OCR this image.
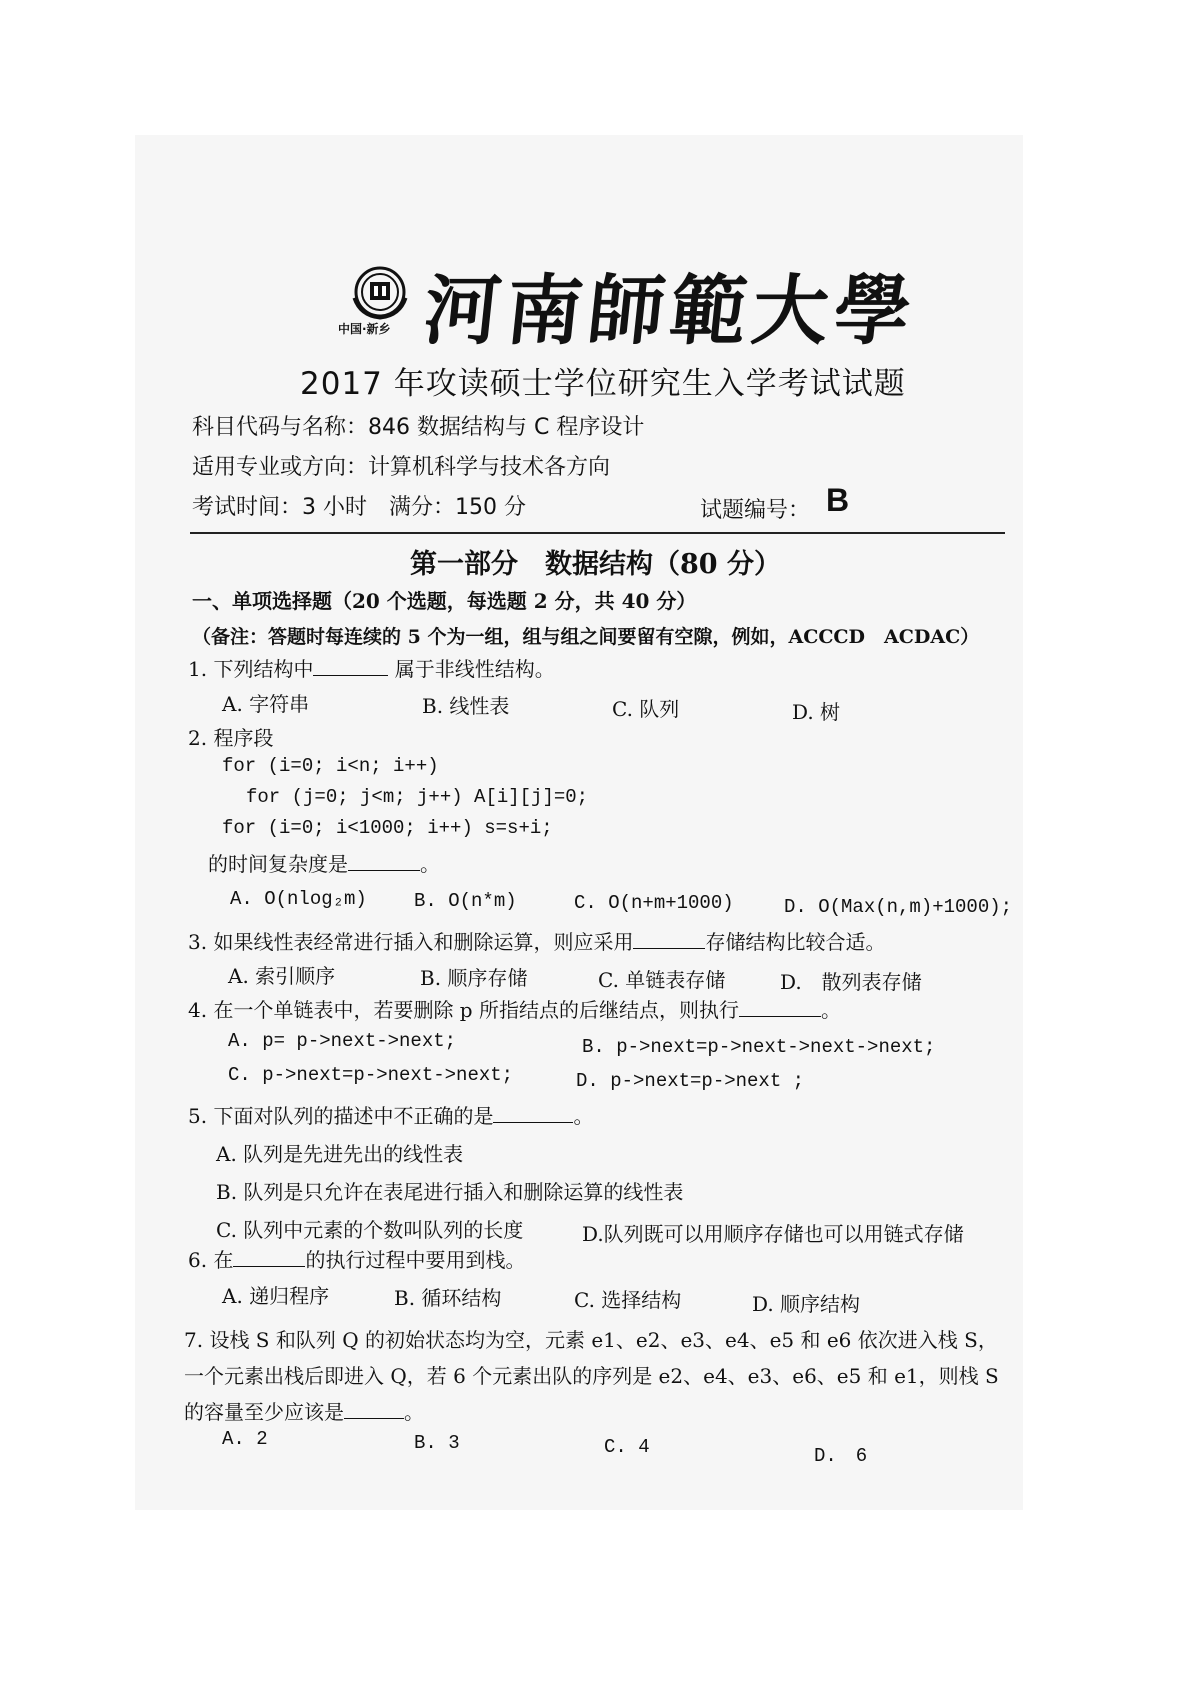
中国·新乡 河南師範大學
2017 年攻读硕士学位研究生入学考试试题
科目代码与名称：846 数据结构与 C 程序设计
适用专业或方向：计算机科学与技术各方向
考试时间：3 小时　满分：150 分	试题编号： B
第一部分　数据结构（80 分）
一、单项选择题（20 个选题，每选题 2 分，共 40 分）
（备注：答题时每连续的 5 个为一组，组与组之间要留有空隙，例如，ACCCD　ACDAC）
1. 下列结构中	属于非线性结构。
A. 字符串	B. 线性表	C. 队列	D. 树
2. 程序段
for (i=0; i<n; i++)
for (j=0; j<m; j++) A[i][j]=0;
for (i=0; i<1000; i++) s=s+i;
的时间复杂度是	。
A. O(nlog₂m) B. O(n*m)	C. O(n+m+1000)	D. O(Max(n,m)+1000);
3. 如果线性表经常进行插入和删除运算，则应采用	存储结构比较合适。
A. 索引顺序	B. 顺序存储	C. 单链表存储	D.　散列表存储
4. 在一个单链表中，若要删除 p 所指结点的后继结点，则执行	。
A. p= p->next->next;	B. p->next=p->next->next->next;
C. p->next=p->next->next;	D. p->next=p->next ;
5. 下面对队列的描述中不正确的是	。
A. 队列是先进先出的线性表
B. 队列是只允许在表尾进行插入和删除运算的线性表
C. 队列中元素的个数叫队列的长度	D.队列既可以用顺序存储也可以用链式存储
6. 在	的执行过程中要用到栈。
A. 递归程序	B. 循环结构	C. 选择结构	D. 顺序结构
7. 设栈 S 和队列 Q 的初始状态均为空，元素 e1、e2、e3、e4、e5 和 e6 依次进入栈 S，
一个元素出栈后即进入 Q，若 6 个元素出队的序列是 e2、e4、e3、e6、e5 和 e1，则栈 S
的容量至少应该是	。
A. 2	B. 3	C. 4	D.　6
